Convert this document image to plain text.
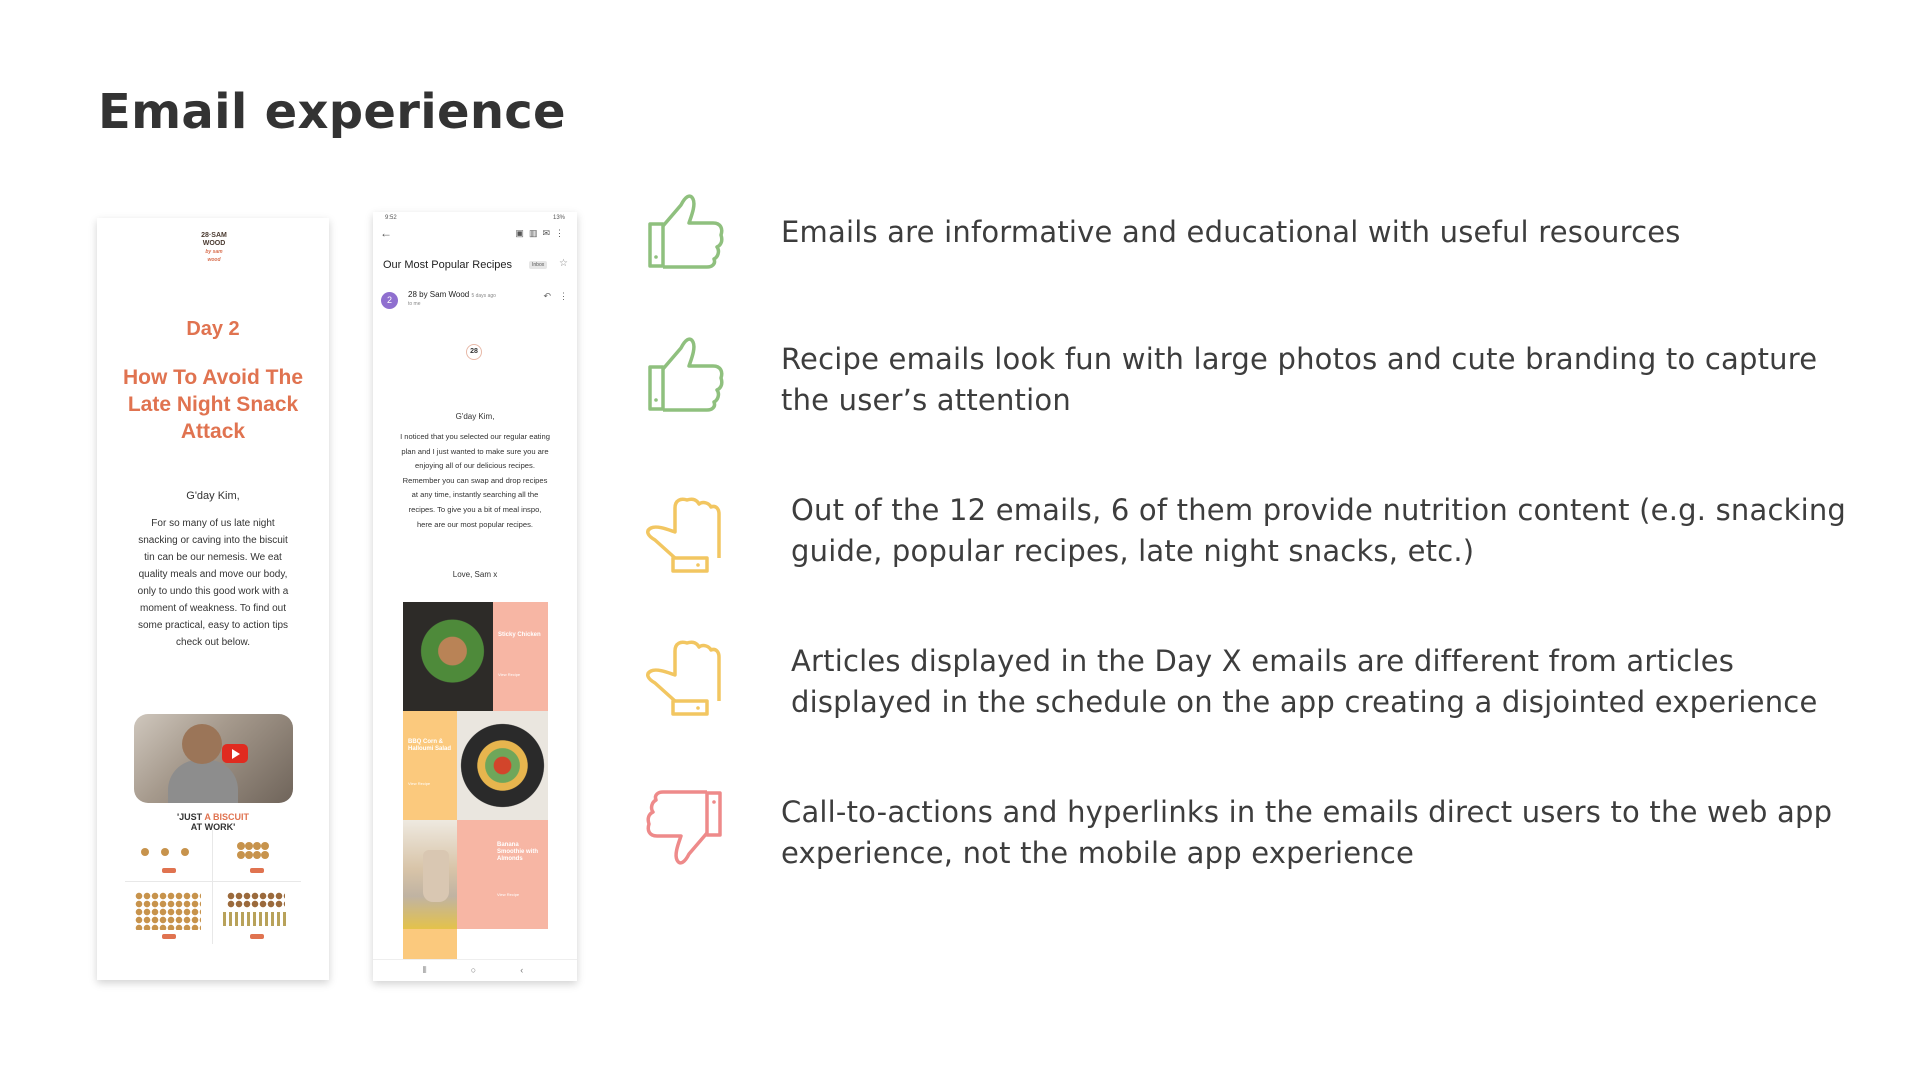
Email experience
28·SAM
WOOD
by sam wood
Day 2
How To Avoid The Late Night Snack Attack
G'day Kim,
For so many of us late night snacking or caving into the biscuit tin can be our nemesis. We eat quality meals and move our body, only to undo this good work with a moment of weakness. To find out some practical, easy to action tips check out below.
'JUST A BISCUIT
AT WORK'
9:52	13%
←	▣▥✉⋮
Our Most Popular Recipes	Inbox	☆
2
28 by Sam Wood 5 days ago
to me
↶ ⋮
28
G'day Kim,
I noticed that you selected our regular eating plan and I just wanted to make sure you are enjoying all of our delicious recipes. Remember you can swap and drop recipes at any time, instantly searching all the recipes. To give you a bit of meal inspo, here are our most popular recipes.
Love, Sam x
Sticky Chicken
View Recipe
BBQ Corn & Halloumi Salad
View Recipe
Banana Smoothie with Almonds
View Recipe
⦀○‹
Emails are informative and educational with useful resources
Recipe emails look fun with large photos and cute branding to capture the user’s attention
Out of the 12 emails, 6 of them provide nutrition content (e.g. snacking guide, popular recipes, late night snacks, etc.)
Articles displayed in the Day X emails are different from articles displayed in the schedule on the app creating a disjointed experience
Call-to-actions and hyperlinks in the emails direct users to the web app experience, not the mobile app experience
